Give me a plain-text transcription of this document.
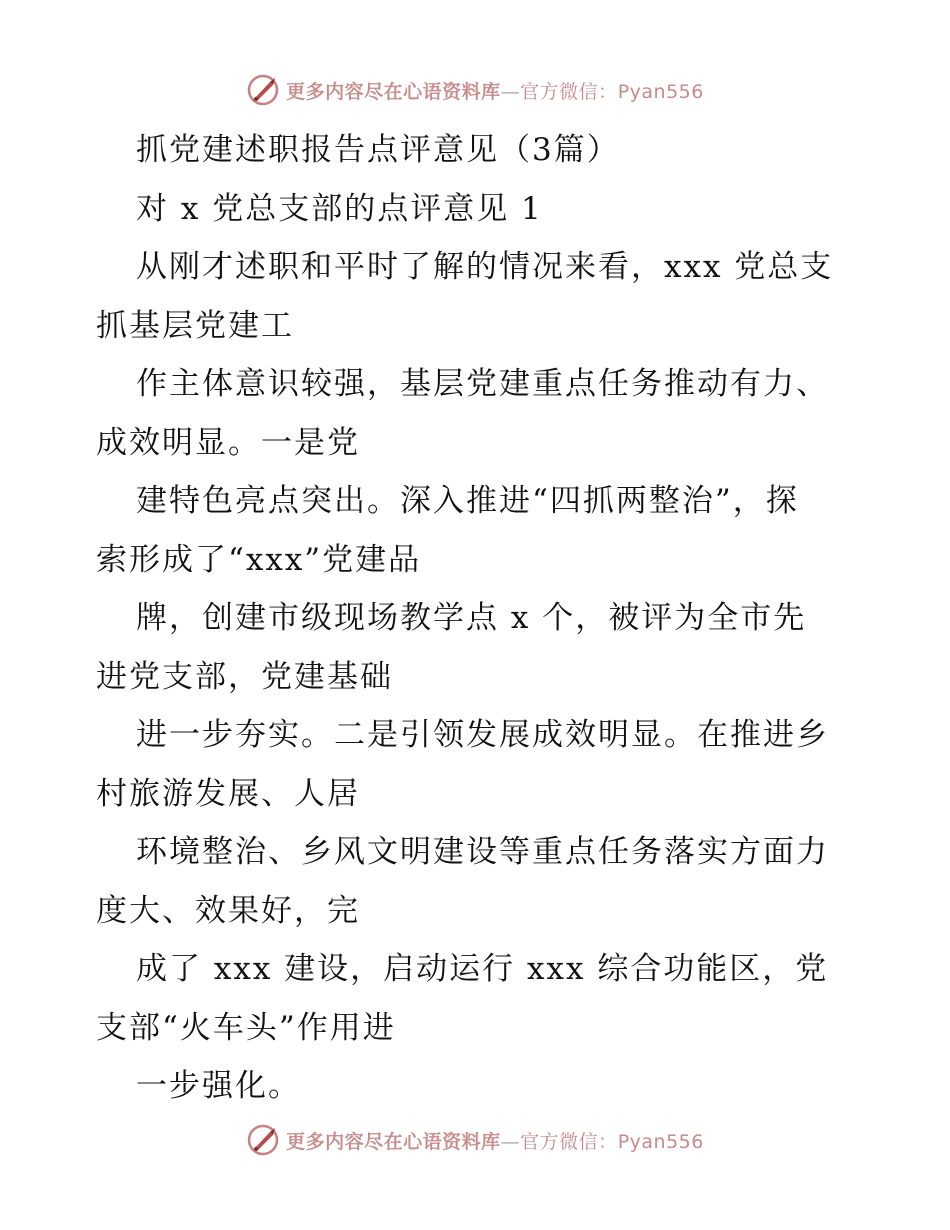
更多内容尽在心语资料库—官方微信：Pyan556
抓党建述职报告点评意见（3篇）
对 x 党总支部的点评意见 1
从刚才述职和平时了解的情况来看，xxx 党总支
抓基层党建工
作主体意识较强，基层党建重点任务推动有力、
成效明显。一是党
建特色亮点突出。深入推进“四抓两整治”，探
索形成了“xxx”党建品
牌，创建市级现场教学点 x 个，被评为全市先
进党支部，党建基础
进一步夯实。二是引领发展成效明显。在推进乡
村旅游发展、人居
环境整治、乡风文明建设等重点任务落实方面力
度大、效果好，完
成了 xxx 建设，启动运行 xxx 综合功能区，党
支部“火车头”作用进
一步强化。
更多内容尽在心语资料库—官方微信：Pyan556
